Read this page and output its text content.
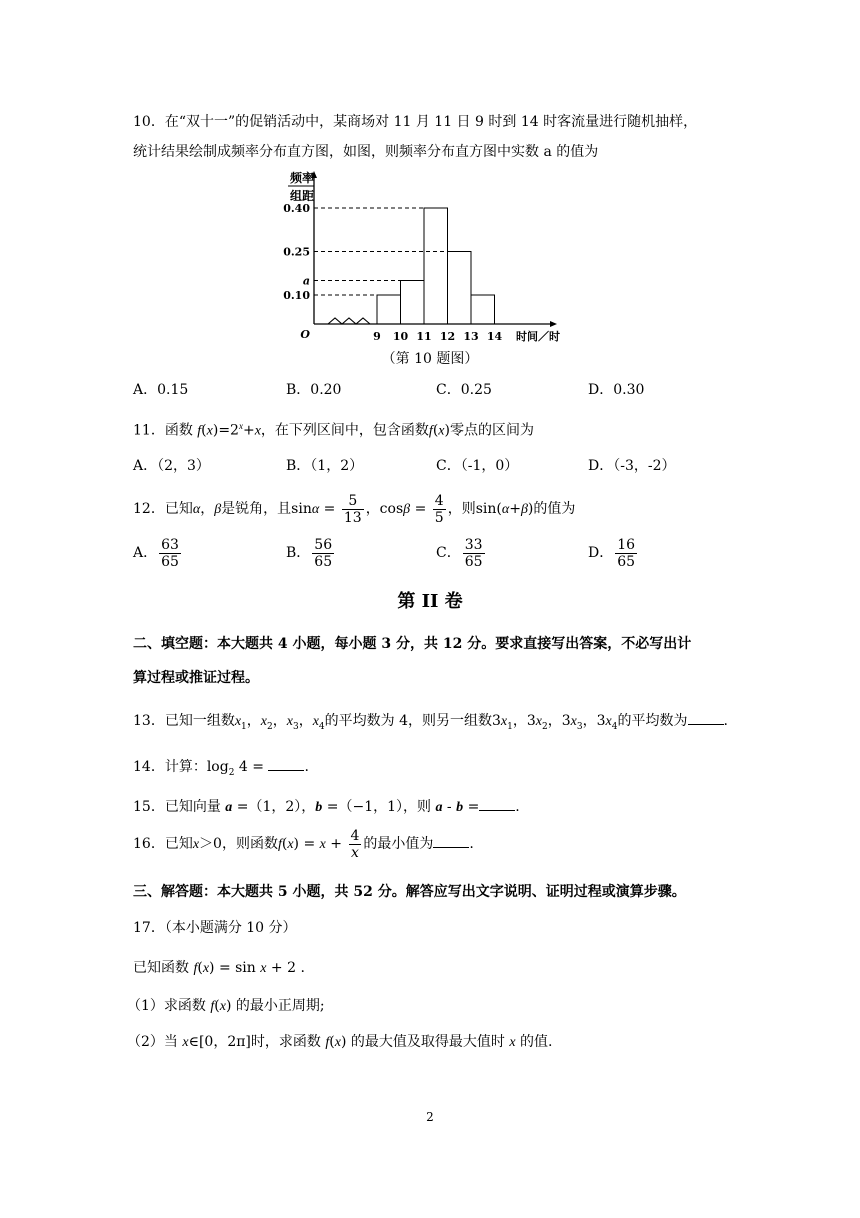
10．在“双十一”的促销活动中，某商场对 11 月 11 日 9 时到 14 时客流量进行随机抽样，
统计结果绘制成频率分布直方图，如图，则频率分布直方图中实数 a 的值为
频率
组距
O
0.10
a
0.25
0.40
9 10 11 12 13 14 时间／时
（第 10 题图）
A．0.15	B．0.20	C．0.25	D．0.30
11．函数 $f(x)=2^x+x$，在下列区间中，包含函数f(x)零点的区间为
A．（2，3）	B．（1，2）	C．（-1，0）	D．（-3，-2）
12．已知α，β是锐角，且$\sin\alpha = \frac{5}{13}$ ，$\cos\beta = \frac{4}{5}$ ，则sin(α+β)的值为
A． $\frac{63}{65}$	B． $\frac{56}{65}$	C． $\frac{33}{65}$	D． $\frac{16}{65}$
第 II 卷
二、填空题：本大题共 4 小题，每小题 3 分，共 12 分。要求直接写出答案，不必写出计
算过程或推证过程。
13．已知一组数$x_1$，$x_2$，$x_3$，$x_4$的平均数为 4，则另一组数$3x_1$，$3x_2$，$3x_3$，$3x_4$的平均数为	.
14．计算：$\log_2 4$ =	.
15．已知向量 a =（1，2），b =（−1，1），则 a - b =	.
16．已知x＞0，则函数$f(x) = x + \frac{4}{x}$ 的最小值为	.
三、解答题：本大题共 5 小题，共 52 分。解答应写出文字说明、证明过程或演算步骤。
17．（本小题满分 10 分）
已知函数 f(x) = sin x + 2 .
（1）求函数 f(x) 的最小正周期;
（2）当 x∈[0，2π]时，求函数 f(x) 的最大值及取得最大值时 x 的值.
2
